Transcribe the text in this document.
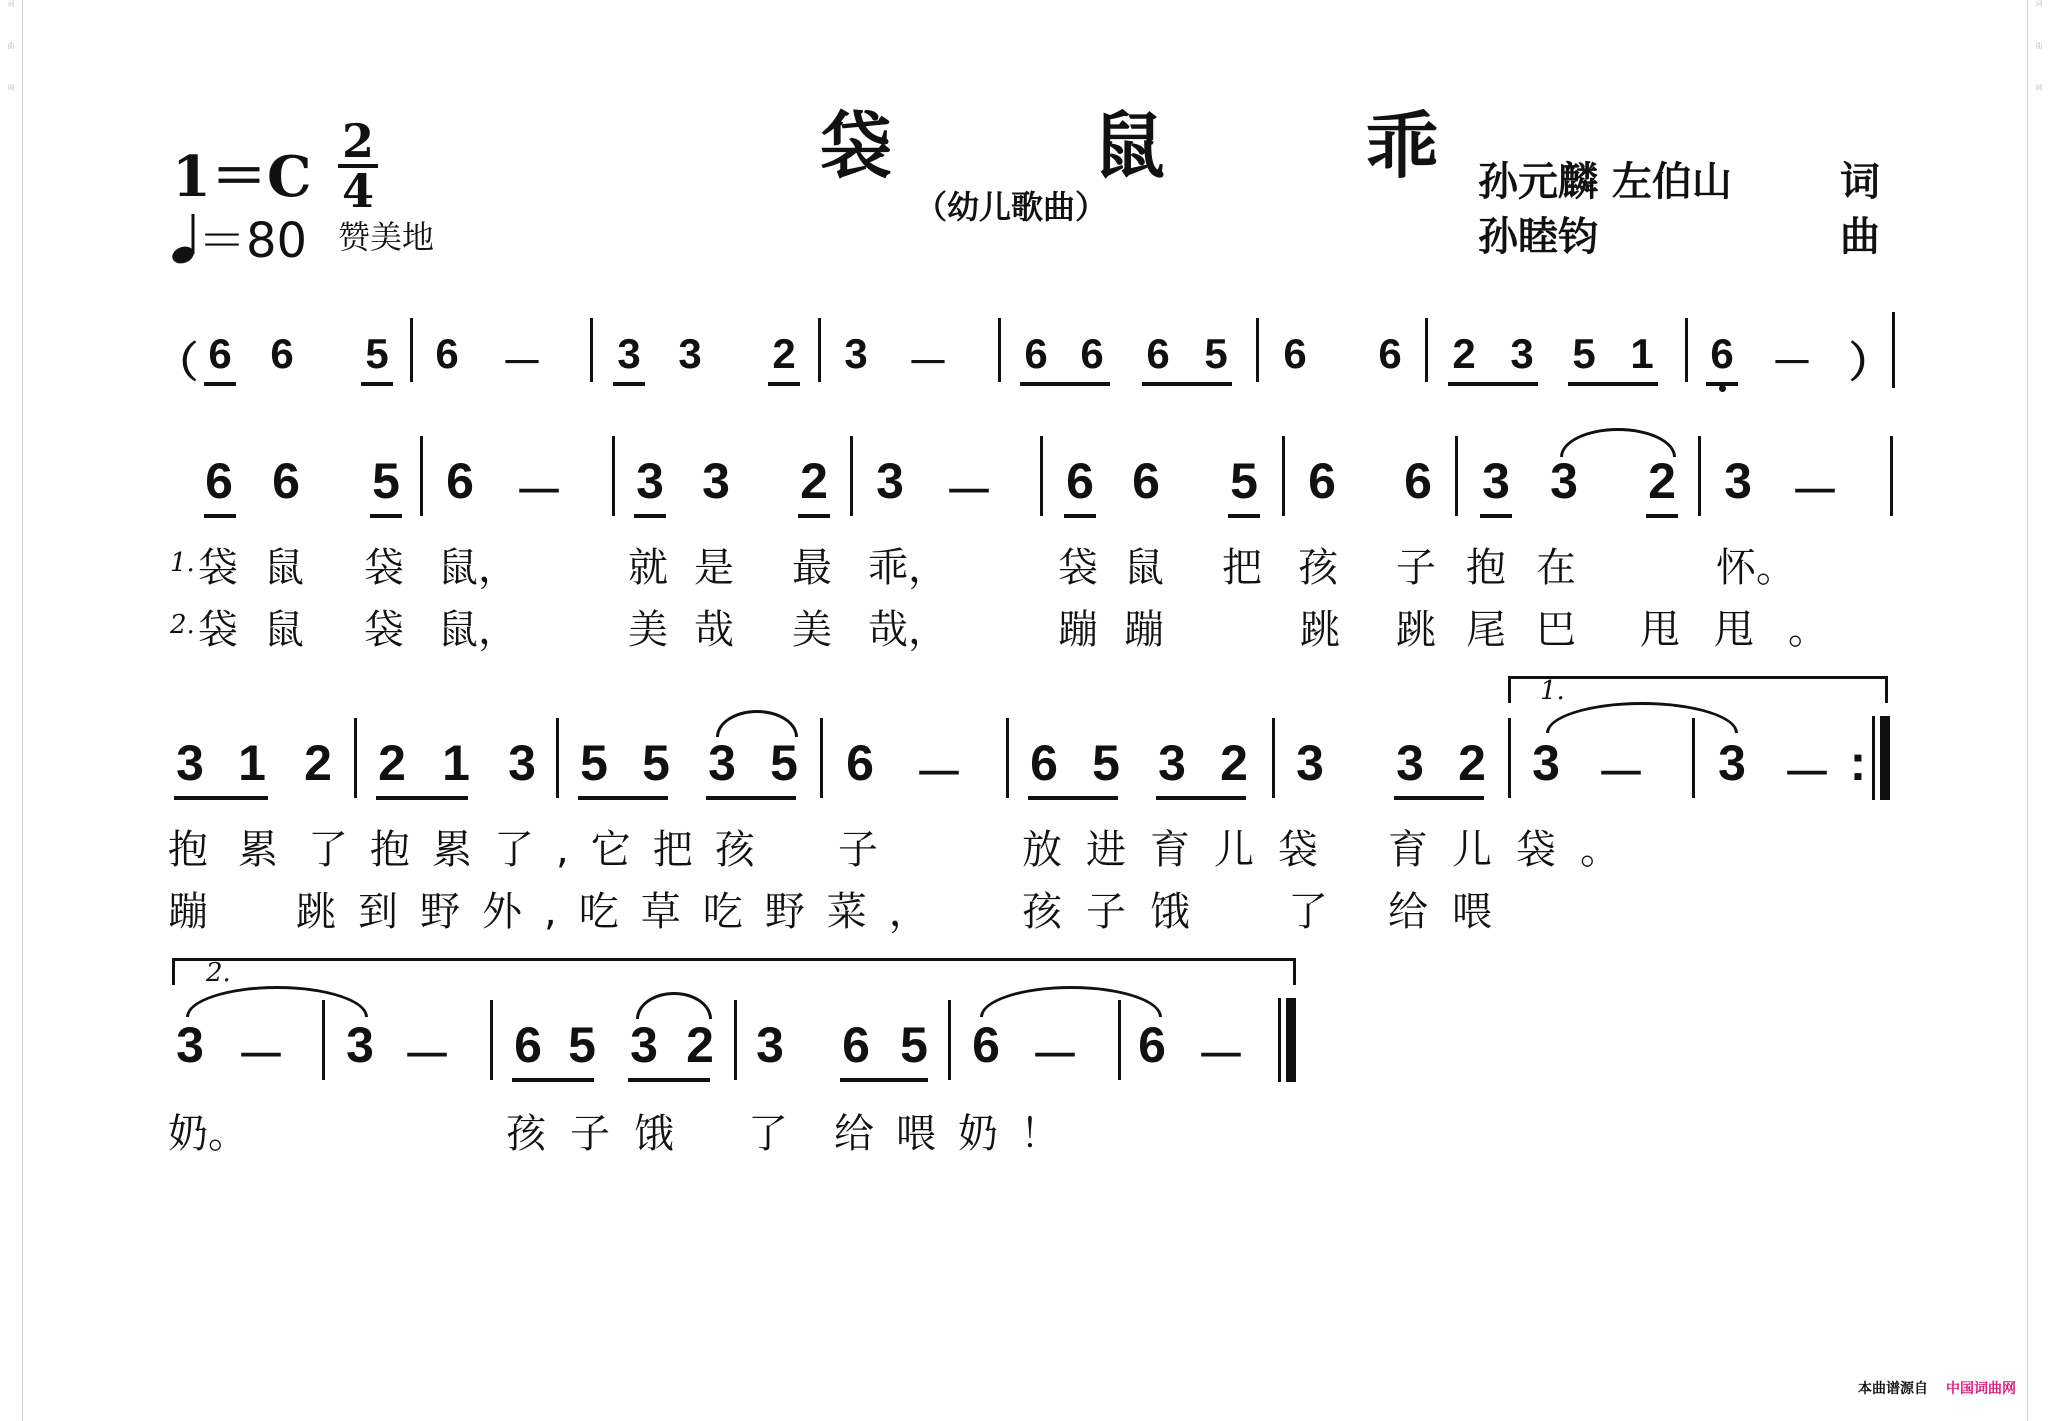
词
曲
网
词
曲
网
袋 鼠 乖
（幼儿歌曲）
1＝C
2
4
＝80 赞美地
孙元麟 左伯山	词
孙睦钧	曲
（ 6 6 5 6 － 3 3 2 3 － 6 6 6 5 6 6 2 3 5 1 6 － ）
6 6 5 6 － 3 3 2 3 － 6 6 5 6 6 3 3 2 3 －
1. 袋鼠 袋 鼠，	就是 最 乖，	袋鼠 把孩 子抱在	怀。
2. 袋鼠 袋 鼠，	美哉 美 哉，	蹦蹦	跳 跳尾巴 甩甩。
1.
3 1 2 2 1 3 5 5 3 5 6 － 6 5 3 2 3 3 2 3 － 3 － :
抱累了
抱累了,它把孩 子	放进育儿袋 育儿袋。
蹦 跳到野外,吃草吃野菜， 孩子饿 了 给喂
2.
3 － 3 － 6 5 3 2 3 6 5 6 － 6 －
奶。	孩子饿 了 给喂奶！
本曲谱源自 中国词曲网
